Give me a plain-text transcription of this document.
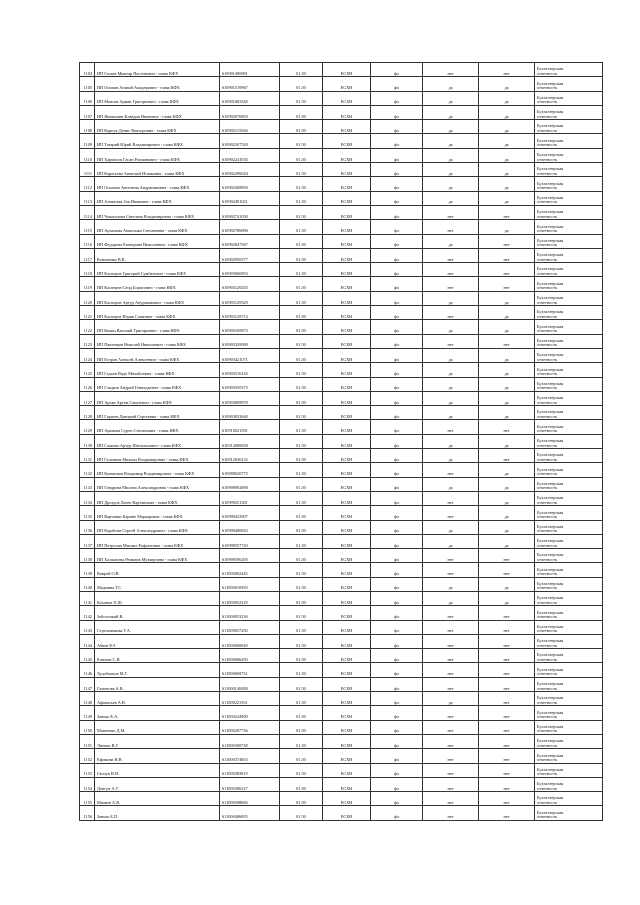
1104	ИП Гасаев Мыктар Пастенович - глава КФХ	610901496981	01.50	ЕСХН	фл	нет	нет	Бухгалтерская
отчетность

1105	ИП Осипян Агапий Амадерович - глава КФХ	610901519967	01.50	ЕСХН	фл	да	да	Бухгалтерская
отчетность

1106	ИП Мовсян Арман Григорьевич - глава КФХ	610901683345	01.50	ЕСХН	фл	да	да	Бухгалтерская
отчетность

1107	ИП Яковишин Клавдия Ивановна - глава КФХ	610902076893	01.50	ЕСХН	фл	да	да	Бухгалтерская
отчетность

1108	ИП Карпук Денис Викторович - глава КФХ	610902115566	01.50	ЕСХН	фл	да	да	Бухгалтерская
отчетность

1109	ИП Татарий Юрий Владимирович - глава КФХ	610902207520	01.50	ЕСХН	фл	да	да	Бухгалтерская
отчетность

1110	ИП Хармасов Гасан Рахманович - глава КФХ	610902241035	01.50	ЕСХН	фл	да	да	Бухгалтерская
отчетность

1111	ИП Карасьева Анжелий Исаакович - глава КФХ	610902296024	01.50	ЕСХН	фл	да	да	Бухгалтерская
отчетность

1112	ИП Осипова Ангелина Андраниковна - глава КФХ	610902368850	01.50	ЕСХН	фл	да	да	Бухгалтерская
отчетность

1113	ИП Алимская Зоя Ивановна - глава КФХ	610902491021	01.50	ЕСХН	фл	да	да	Бухгалтерская
отчетность

1114	ИП Чмыхалова Светлана Владимировна - глава КФХ	610902741050	01.50	ЕСХН	фл	нет	нет	Бухгалтерская
отчетность

1115	ИП Арзамова Анжелика Степановна - глава КФХ	610902786890	01.50	ЕСХН	фл	нет	да	Бухгалтерская
отчетность

1116	ИП Федорова Екатерина Николаевна - глава КФХ	610902847567	01.50	ЕСХН	фл	да	нет	Бухгалтерская
отчетность

1117	Кононенко В.В.	610902950577	01.50	ЕСХН	фл	нет	нет	Бухгалтерская
отчетность

1118	ИП Касперов Григорий Сумбатович - глава КФХ	610903066953	01.50	ЕСХН	фл	нет	нет	Бухгалтерская
отчетность

1119	ИП Касперов Сеид Борисович - глава КФХ	610903129255	01.50	ЕСХН	фл	нет	нет	Бухгалтерская
отчетность

1120	ИП Касперов Артур Ануршанович - глава КФХ	610903129329	01.50	ЕСХН	фл	да	да	Бухгалтерская
отчетность

1121	ИП Касперов Нэрия Саакович - глава КФХ	610903129713	01.50	ЕСХН	фл	нет	да	Бухгалтерская
отчетность

1122	ИП Кныш Василий Григорьевич - глава КФХ	610903169873	01.50	ЕСХН	фл	да	да	Бухгалтерская
отчетность

1123	ИП Пашенцев Николай Николаевич - глава КФХ	610903329089	01.50	ЕСХН	фл	нет	нет	Бухгалтерская
отчетность

1124	ИП Егоров Алексей Алексеевич - глава КФХ	610903421071	01.50	ЕСХН	фл	да	да	Бухгалтерская
отчетность

1125	ИП Гадоев Вадо Михайлович - глава КФХ	610903516145	01.50	ЕСХН	фл	да	да	Бухгалтерская
отчетность

1126	ИП Гладков Андрей Геннадьевич - глава КФХ	610903550375	01.50	ЕСХН	фл	да	да	Бухгалтерская
отчетность

1127	ИП Арова Артем Сапатович - глава КФХ	610903809970	01.50	ЕСХН	фл	да	да	Бухгалтерская
отчетность

1128	ИП Гарагов Дмитрий Сергеевич - глава КФХ	610903833640	01.50	ЕСХН	фл	да	да	Бухгалтерская
отчетность

1129	ИП Арамова Сурен Степанович - глава КФХ	610910021591	01.50	ЕСХН	фл	нет	нет	Бухгалтерская
отчетность

1130	ИП Саакова Артур Шагамалович - глава КФХ	610912000658	01.50	ЕСХН	фл	да	да	Бухгалтерская
отчетность

1131	ИП Галоянов Михаил Владимирович - глава КФХ	610912636152	01.50	ЕСХН	фл	да	нет	Бухгалтерская
отчетность

1132	ИП Кувшинов Владимир Владимирович - глава КФХ	610989020775	01.50	ЕСХН	фл	нет	да	Бухгалтерская
отчетность

1133	ИП Гандрова Милана Александровна - глава КФХ	610999092890	01.50	ЕСХН	фл	да	да	Бухгалтерская
отчетность

1134	ИП Дроздов Ленат Вартанович - глава КФХ	610999251301	01.50	ЕСХН	фл	нет	да	Бухгалтерская
отчетность

1135	ИП Вартанян Карине Маркаровна - глава КФХ	610999423907	01.50	ЕСХН	фл	нет	да	Бухгалтерская
отчетность

1136	ИП Корабова Сергей Александрович - глава КФХ	610999480843	01.50	ЕСХН	фл	да	да	Бухгалтерская
отчетность

1137	ИП Петросян Михаил Рафаэлович - глава КФХ	610999557743	01.50	ЕСХН	фл	да	да	Бухгалтерская
отчетность

1138	ИП Хальмоева Ремиана Музаировна - глава КФХ	610999596295	01.50	ЕСХН	фл	нет	нет	Бухгалтерская
отчетность

1139	Ваврой О.В.	611000002445	01.50	ЕСХН	фл	нет	нет	Бухгалтерская
отчетность

1140	Мадынва Т.С.	611000018383	01.50	ЕСХН	фл	да	да	Бухгалтерская
отчетность

1141	Коханов Х.Ш.	611000052329	01.50	ЕСХН	фл	да	да	Бухгалтерская
отчетность

1142	Заболочкий В.	611000053236	01.50	ЕСХН	фл	нет	нет	Бухгалтерская
отчетность

1143	Стрельникова Т.А.	611000057250	01.50	ЕСХН	фл	нет	нет	Бухгалтерская
отчетность

1144	Абвов Р.Э.	611000060049	01.50	ЕСХН	фл	нет	нет	Бухгалтерская
отчетность

1145	Ключан С.И.	611000066450	01.50	ЕСХН	фл	нет	нет	Бухгалтерская
отчетность

1146	Худобышов М.Г.	611000069751	01.50	ЕСХН	фл	нет	нет	Бухгалтерская
отчетность

1147	Гамонова А.В.	611000140488	01.50	ЕСХН	фл	нет	нет	Бухгалтерская
отчетность

1148	Афанасьев А.В.	611000221561	01.50	ЕСХН	фл	да	нет	Бухгалтерская
отчетность

1149	Занько Е.А.	611000234900	01.50	ЕСХН	фл	нет	нет	Бухгалтерская
отчетность

1150	Манченко Д.М.	611000287736	01.50	ЕСХН	фл	нет	нет	Бухгалтерская
отчетность

1151	Линько В.Г.	611000300738	01.50	ЕСХН	фл	нет	нет	Бухгалтерская
отчетность

1152	Ефимова Н.В.	611000374603	01.50	ЕСХН	фл	нет	нет	Бухгалтерская
отчетность

1153	Гапчук В.Н.	611000383819	01.50	ЕСХН	фл	нет	нет	Бухгалтерская
отчетность

1154	Довгун А.Т.	611000386327	01.50	ЕСХН	фл	нет	нет	Бухгалтерская
отчетность

1155	Мачиев А.В.	611000398066	01.50	ЕСХН	фл	нет	нет	Бухгалтерская
отчетность

1156	Занько Б.П.	611000406005	01.50	ЕСХН	фл	нет	нет	Бухгалтерская
отчетность
